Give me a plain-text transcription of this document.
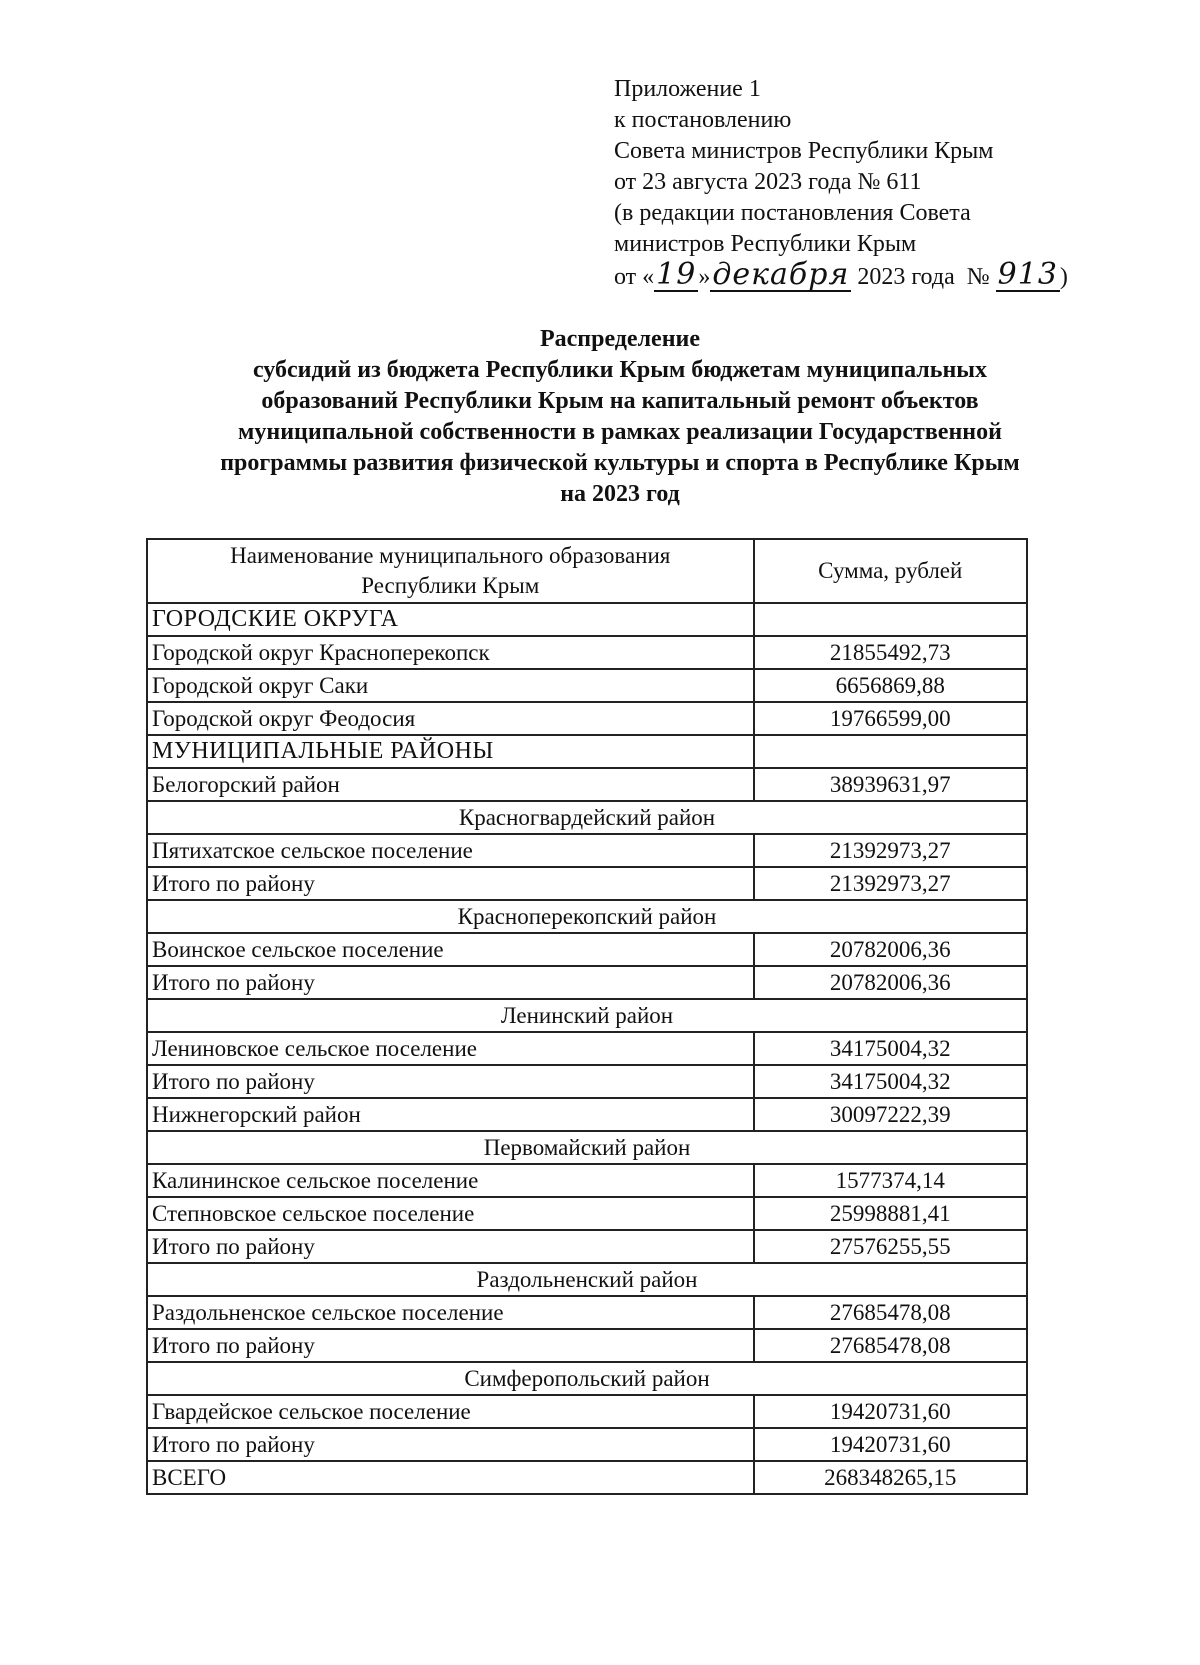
Приложение 1
к постановлению
Совета министров Республики Крым
от 23 августа 2023 года № 611
(в редакции постановления Совета
министров Республики Крым
от «19»декабря 2023 года № 913)
Распределение
субсидий из бюджета Республики Крым бюджетам муниципальных
образований Республики Крым на капитальный ремонт объектов
муниципальной собственности в рамках реализации Государственной
программы развития физической культуры и спорта в Республике Крым
на 2023 год
Наименование муниципального образования
Республики Крым	Сумма, рублей
ГОРОДСКИЕ ОКРУГА	
Городской округ Красноперекопск	21855492,73
Городской округ Саки	6656869,88
Городской округ Феодосия	19766599,00
МУНИЦИПАЛЬНЫЕ РАЙОНЫ	
Белогорский район	38939631,97
Красногвардейский район	
Пятихатское сельское поселение	21392973,27
Итого по району	21392973,27
Красноперекопский район	
Воинское сельское поселение	20782006,36
Итого по району	20782006,36
Ленинский район	
Лениновское сельское поселение	34175004,32
Итого по району	34175004,32
Нижнегорский район	30097222,39
Первомайский район	
Калининское сельское поселение	1577374,14
Степновское сельское поселение	25998881,41
Итого по району	27576255,55
Раздольненский район	
Раздольненское сельское поселение	27685478,08
Итого по району	27685478,08
Симферопольский район	
Гвардейское сельское поселение	19420731,60
Итого по району	19420731,60
ВСЕГО	268348265,15
